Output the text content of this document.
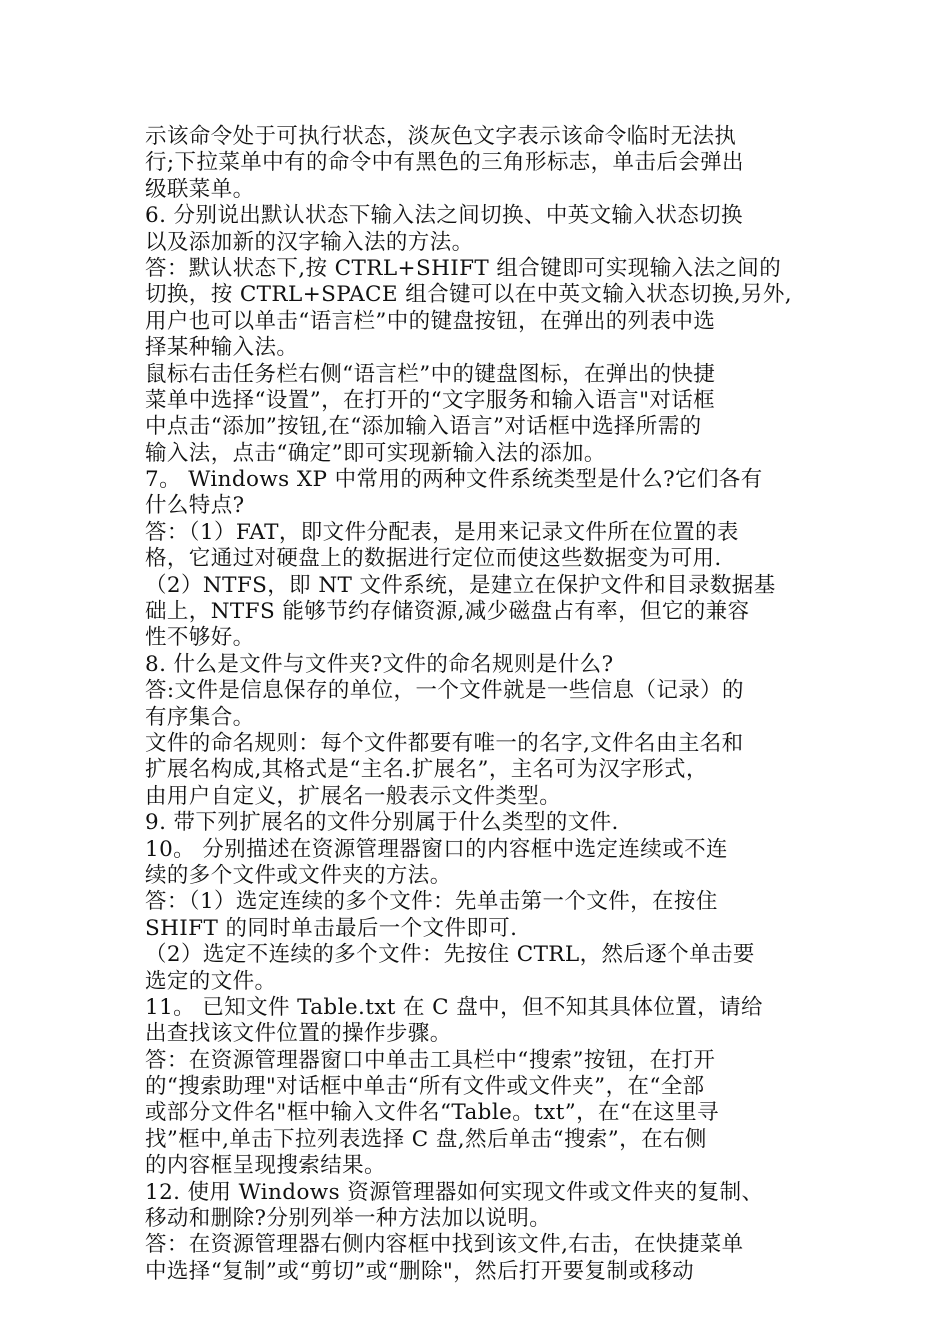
示该命令处于可执行状态，淡灰色文字表示该命令临时无法执
行;下拉菜单中有的命令中有黑色的三角形标志，单击后会弹出
级联菜单。
6. 分别说出默认状态下输入法之间切换、中英文输入状态切换
以及添加新的汉字输入法的方法。
答：默认状态下,按 CTRL+SHIFT 组合键即可实现输入法之间的
切换，按 CTRL+SPACE 组合键可以在中英文输入状态切换,另外,
用户也可以单击“语言栏”中的键盘按钮，在弹出的列表中选
择某种输入法。
鼠标右击任务栏右侧“语言栏”中的键盘图标，在弹出的快捷
菜单中选择“设置”，在打开的“文字服务和输入语言"对话框
中点击“添加”按钮,在“添加输入语言”对话框中选择所需的
输入法，点击“确定”即可实现新输入法的添加。
7。 Windows XP 中常用的两种文件系统类型是什么?它们各有
什么特点?
答：（1）FAT，即文件分配表，是用来记录文件所在位置的表
格，它通过对硬盘上的数据进行定位而使这些数据变为可用.
（2）NTFS，即 NT 文件系统，是建立在保护文件和目录数据基
础上，NTFS 能够节约存储资源,减少磁盘占有率，但它的兼容
性不够好。
8. 什么是文件与文件夹?文件的命名规则是什么?
答:文件是信息保存的单位，一个文件就是一些信息（记录）的
有序集合。
文件的命名规则：每个文件都要有唯一的名字,文件名由主名和
扩展名构成,其格式是“主名.扩展名”，主名可为汉字形式，
由用户自定义，扩展名一般表示文件类型。
9. 带下列扩展名的文件分别属于什么类型的文件.
10。 分别描述在资源管理器窗口的内容框中选定连续或不连
续的多个文件或文件夹的方法。
答：（1）选定连续的多个文件：先单击第一个文件，在按住
SHIFT 的同时单击最后一个文件即可.
（2）选定不连续的多个文件：先按住 CTRL，然后逐个单击要
选定的文件。
11。 已知文件 Table.txt 在 C 盘中，但不知其具体位置，请给
出查找该文件位置的操作步骤。
答：在资源管理器窗口中单击工具栏中“搜索”按钮，在打开
的“搜索助理"对话框中单击“所有文件或文件夹”，在“全部
或部分文件名"框中输入文件名“Table。txt”，在“在这里寻
找”框中,单击下拉列表选择 C 盘,然后单击“搜索”，在右侧
的内容框呈现搜索结果。
12. 使用 Windows 资源管理器如何实现文件或文件夹的复制、
移动和删除?分别列举一种方法加以说明。
答：在资源管理器右侧内容框中找到该文件,右击，在快捷菜单
中选择“复制”或“剪切”或“删除"，然后打开要复制或移动
